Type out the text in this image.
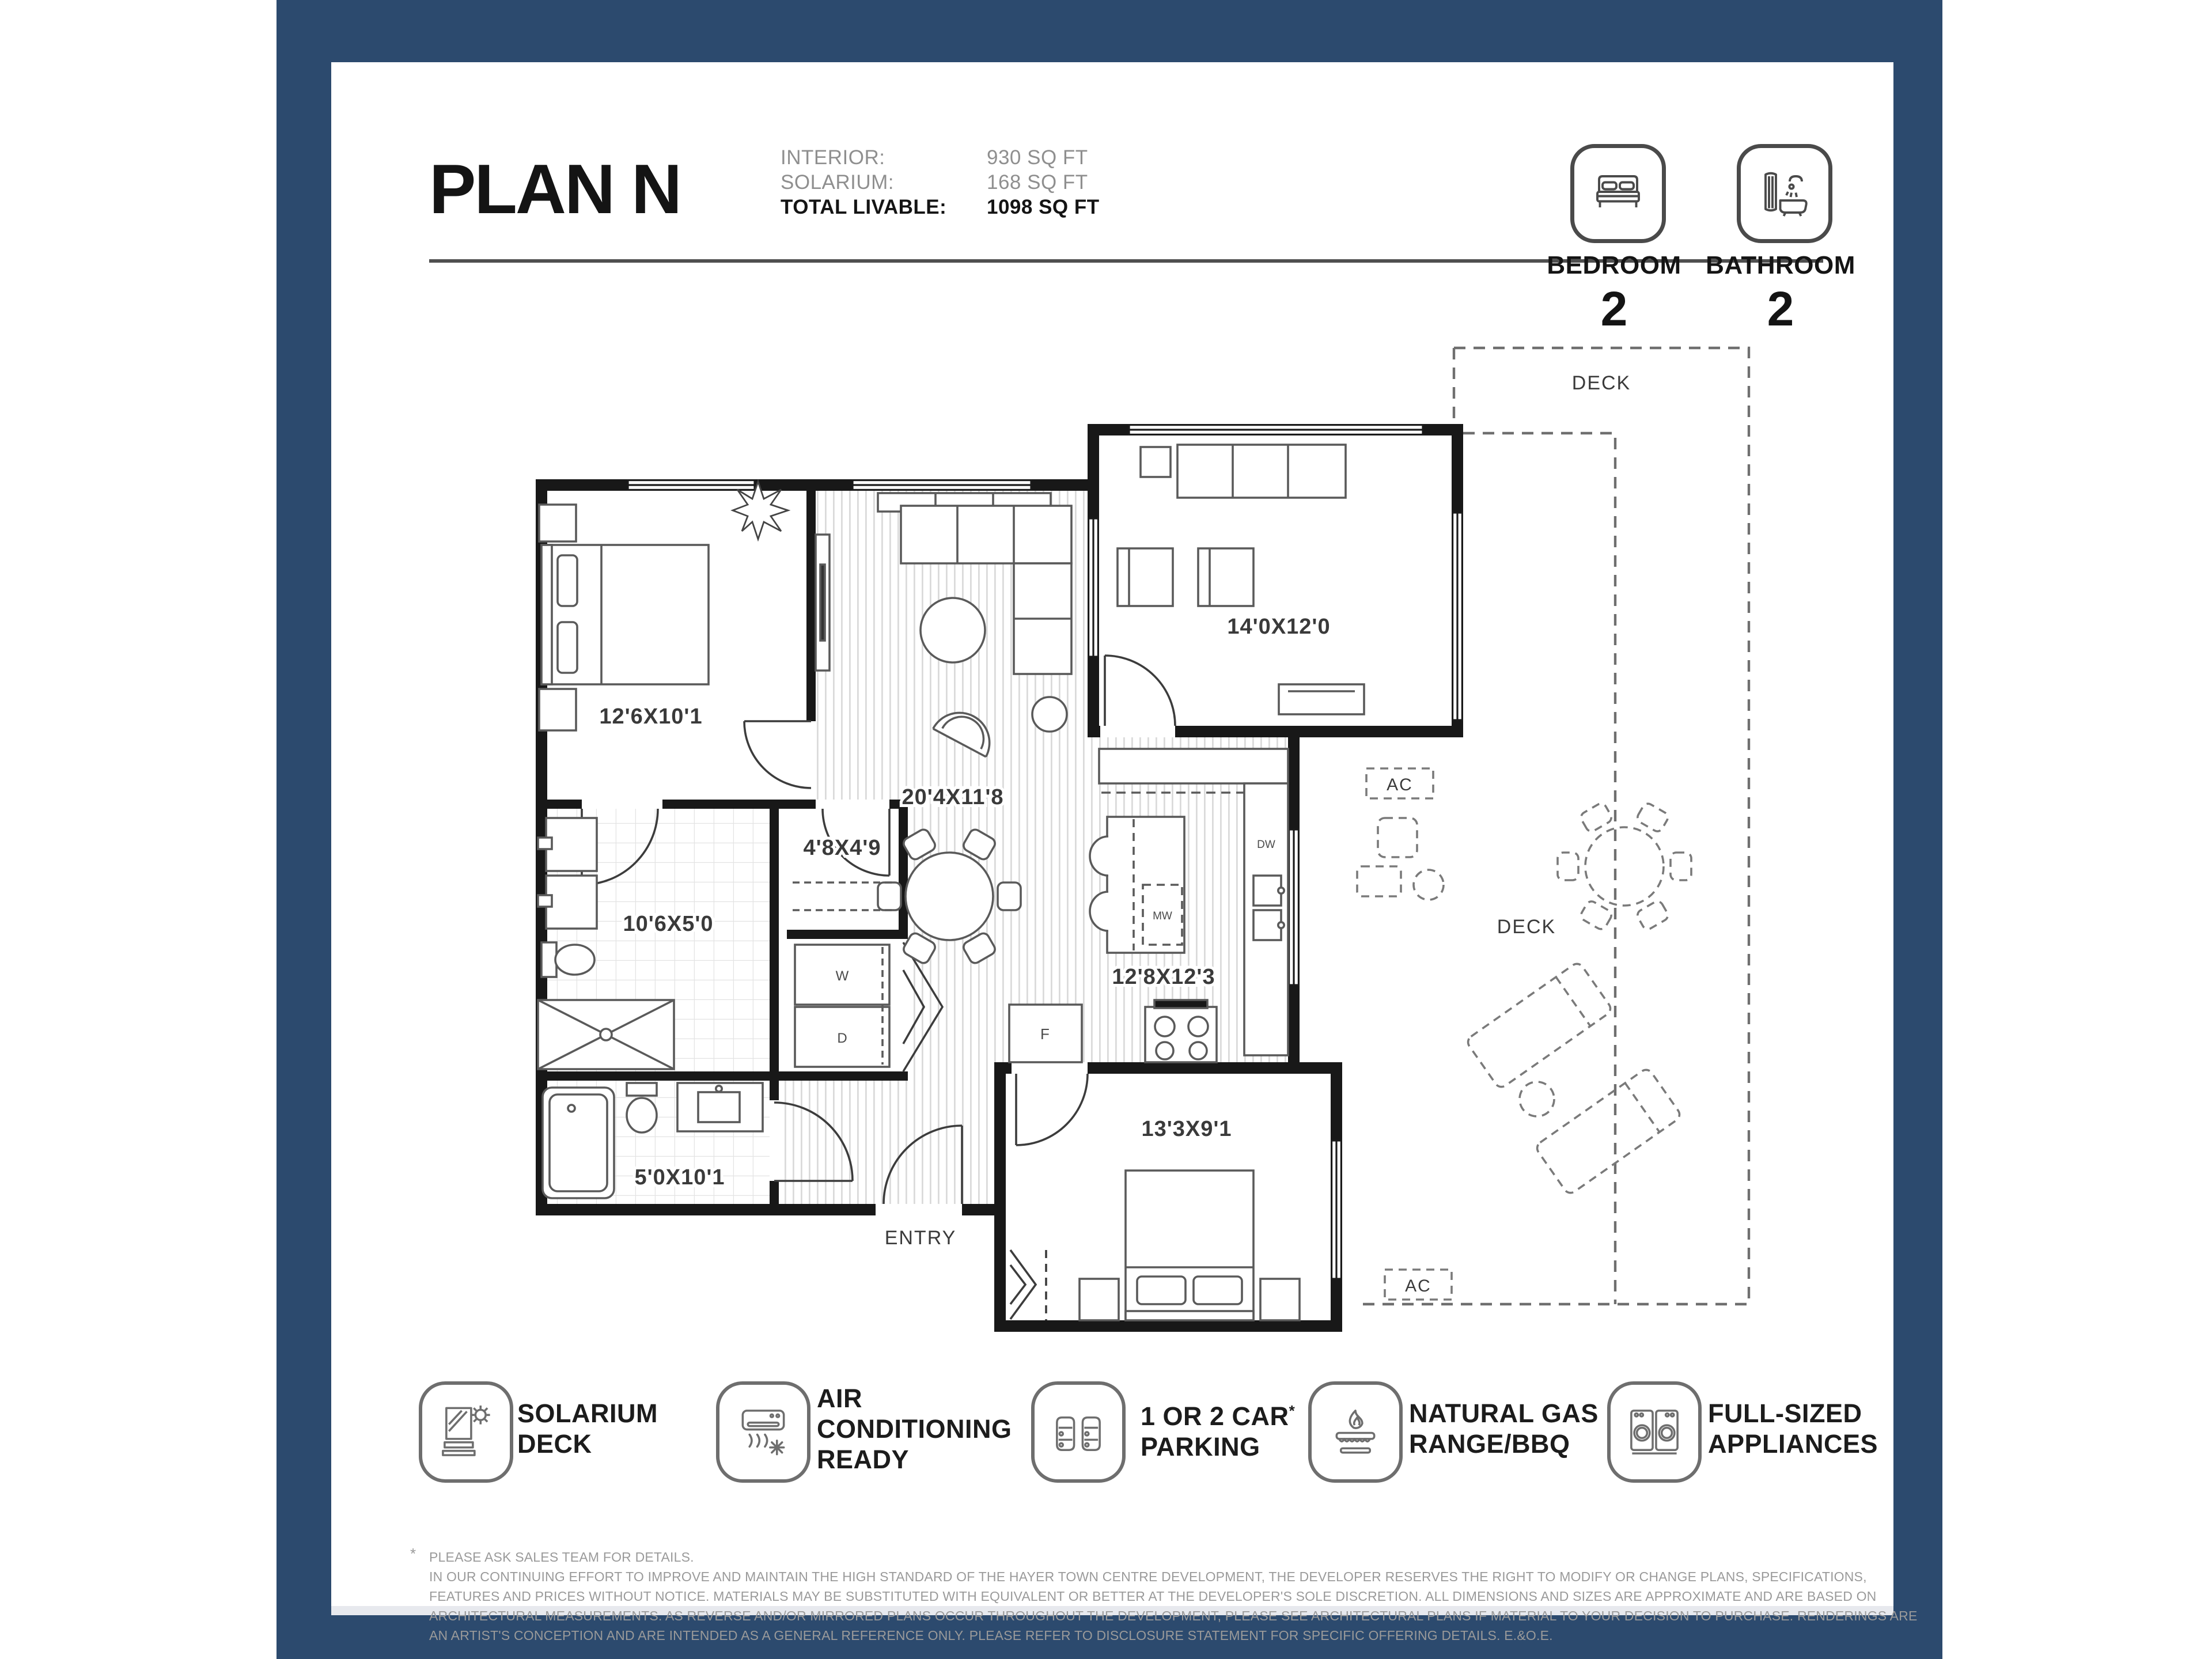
PLAN N	INTERIOR:	930 SQ FT
SOLARIUM:	168 SQ FT
TOTAL LIVABLE:	1098 SQ FT
BEDROOM
2
BATHROOM
2
12'6X10'1
20'4X11'8
14'0X12'0
12'8X12'3
13'3X9'1
10'6X5'0
4'8X4'9
5'0X10'1
DECK
DECK
ENTRY
AC
AC
W
D	F
MW
DW
SOLARIUM
DECK
AIR
CONDITIONING
READY
1 OR 2 CAR*
PARKING
NATURAL GAS
RANGE/BBQ
FULL-SIZED
APPLIANCES
* PLEASE ASK SALES TEAM FOR DETAILS.

IN OUR CONTINUING EFFORT TO IMPROVE AND MAINTAIN THE HIGH STANDARD OF THE HAYER TOWN CENTRE DEVELOPMENT, THE DEVELOPER RESERVES THE RIGHT TO MODIFY OR CHANGE PLANS, SPECIFICATIONS,

FEATURES AND PRICES WITHOUT NOTICE. MATERIALS MAY BE SUBSTITUTED WITH EQUIVALENT OR BETTER AT THE DEVELOPER'S SOLE DISCRETION. ALL DIMENSIONS AND SIZES ARE APPROXIMATE AND ARE BASED ON

ARCHITECTURAL MEASUREMENTS. AS REVERSE AND/OR MIRRORED PLANS OCCUR THROUGHOUT THE DEVELOPMENT, PLEASE SEE ARCHITECTURAL PLANS IF MATERIAL TO YOUR DECISION TO PURCHASE. RENDERINGS ARE

AN ARTIST'S CONCEPTION AND ARE INTENDED AS A GENERAL REFERENCE ONLY. PLEASE REFER TO DISCLOSURE STATEMENT FOR SPECIFIC OFFERING DETAILS. E.&O.E.
